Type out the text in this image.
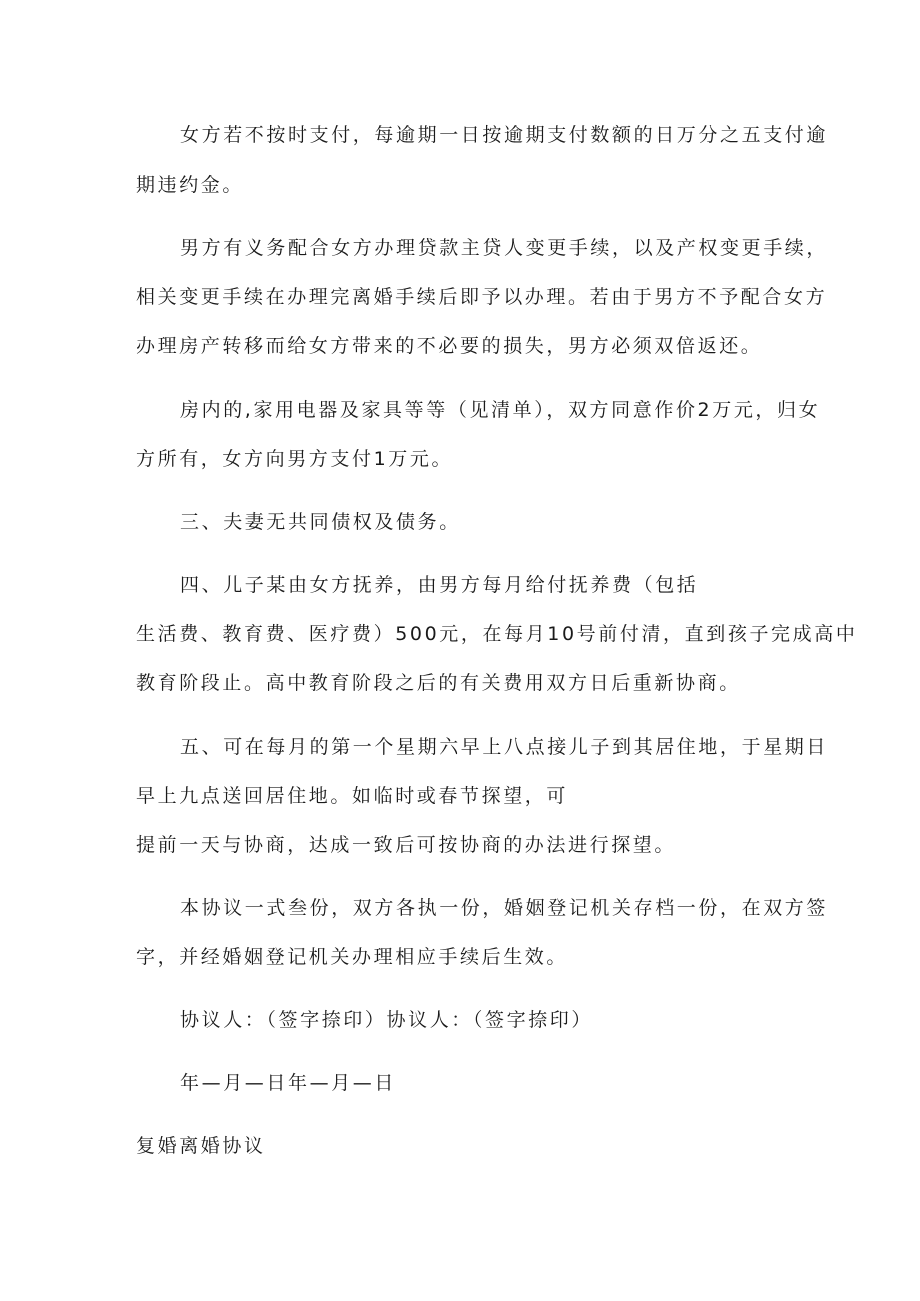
女方若不按时支付，每逾期一日按逾期支付数额的日万分之五支付逾
期违约金。
男方有义务配合女方办理贷款主贷人变更手续，以及产权变更手续，
相关变更手续在办理完离婚手续后即予以办理。若由于男方不予配合女方
办理房产转移而给女方带来的不必要的损失，男方必须双倍返还。
房内的,家用电器及家具等等（见清单），双方同意作价2万元，归女
方所有，女方向男方支付1万元。
三、夫妻无共同债权及债务。
四、儿子某由女方抚养，由男方每月给付抚养费（包括
生活费、教育费、医疗费）500元，在每月10号前付清，直到孩子完成高中
教育阶段止。高中教育阶段之后的有关费用双方日后重新协商。
五、可在每月的第一个星期六早上八点接儿子到其居住地，于星期日
早上九点送回居住地。如临时或春节探望，可
提前一天与协商，达成一致后可按协商的办法进行探望。
本协议一式叁份，双方各执一份，婚姻登记机关存档一份，在双方签
字，并经婚姻登记机关办理相应手续后生效。
协议人：（签字捺印）协议人：（签字捺印）
年—月—日年—月—日
复婚离婚协议
